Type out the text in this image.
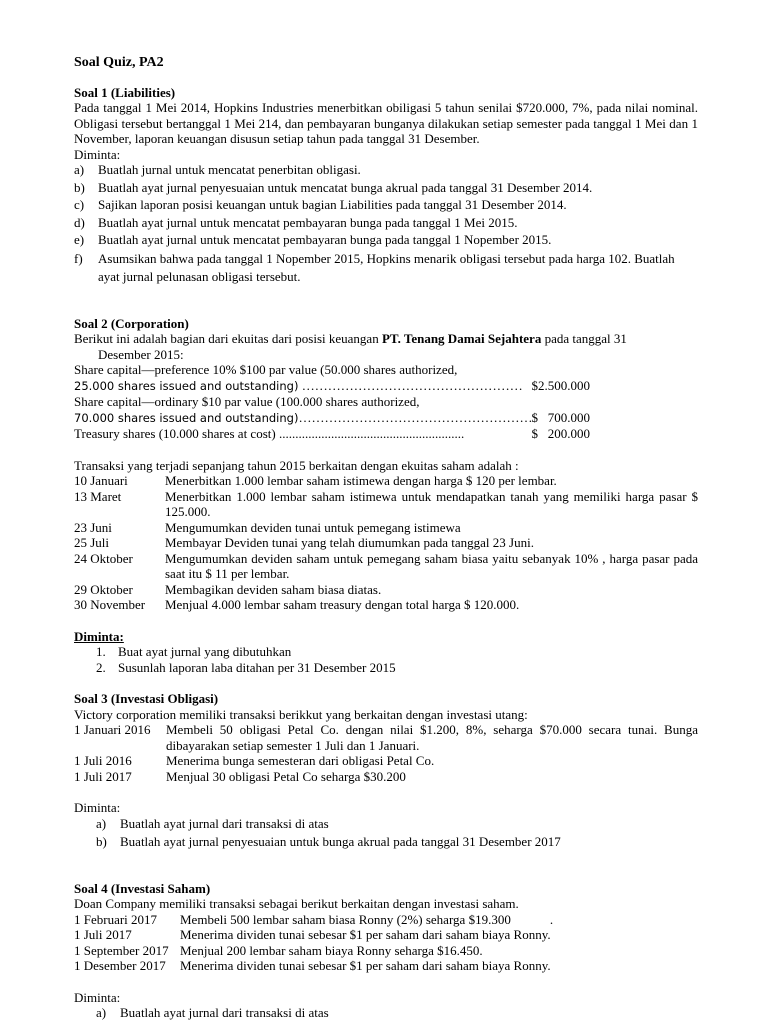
Soal Quiz, PA2
Soal 1 (Liabilities)
Pada tanggal 1 Mei 2014, Hopkins Industries menerbitkan obiligasi 5 tahun senilai $720.000, 7%, pada nilai nominal. Obligasi tersebut bertanggal 1 Mei 214, dan pembayaran bunganya dilakukan setiap semester pada tanggal 1 Mei dan 1 November, laporan keuangan disusun setiap tahun pada tanggal 31 Desember.
Diminta:
a)	Buatlah jurnal untuk mencatat penerbitan obligasi.
b)	Buatlah ayat jurnal penyesuaian untuk mencatat bunga akrual pada tanggal 31 Desember 2014.
c)	Sajikan laporan posisi keuangan untuk bagian Liabilities pada tanggal 31 Desember 2014.
d)	Buatlah ayat jurnal untuk mencatat pembayaran bunga pada tanggal 1 Mei 2015.
e)	Buatlah ayat jurnal untuk mencatat pembayaran bunga pada tanggal 1 Nopember 2015.
f)	Asumsikan bahwa pada tanggal 1 Nopember 2015, Hopkins menarik obligasi tersebut pada harga 102. Buatlah ayat jurnal pelunasan obligasi tersebut.
Soal 2 (Corporation)
Berikut ini adalah bagian dari ekuitas dari posisi keuangan PT. Tenang Damai Sejahtera pada tanggal 31
Desember 2015:
Share capital—preference 10% $100 par value (50.000 shares authorized,
25.000 shares issued and outstanding) …………………………………………… $2.500.000
Share capital—ordinary $10 par value (100.000 shares authorized,
70.000 shares issued and outstanding)……………………………………………… $   700.000
Treasury shares (10.000 shares at cost) .........................................................	$   200.000
Transaksi yang terjadi sepanjang tahun 2015 berkaitan dengan ekuitas saham adalah :
10 Januari	Menerbitkan 1.000 lembar saham istimewa dengan harga $ 120 per lembar.
13 Maret	Menerbitkan 1.000 lembar saham istimewa untuk mendapatkan tanah yang memiliki harga pasar $ 125.000.
23 Juni	Mengumumkan deviden tunai untuk pemegang istimewa
25 Juli	Membayar Deviden tunai yang telah diumumkan pada tanggal 23 Juni.
24 Oktober	Mengumumkan deviden saham untuk pemegang saham biasa yaitu sebanyak 10% , harga pasar pada saat itu $ 11 per lembar.
29 Oktober	Membagikan deviden saham biasa diatas.
30 November	Menjual 4.000 lembar saham treasury dengan total harga $ 120.000.
Diminta:
1. Buat ayat jurnal yang dibutuhkan
2. Susunlah laporan laba ditahan per 31 Desember 2015
Soal 3 (Investasi Obligasi)
Victory corporation memiliki transaksi berikkut yang berkaitan dengan investasi utang:
1 Januari 2016	Membeli 50 obligasi Petal Co. dengan nilai $1.200, 8%, seharga $70.000 secara tunai. Bunga dibayarakan setiap semester 1 Juli dan 1 Januari.
1 Juli 2016	Menerima bunga semesteran dari obligasi Petal Co.
1 Juli 2017	Menjual 30 obligasi Petal Co seharga $30.200
Diminta:
a)	Buatlah ayat jurnal dari transaksi di atas
b)	Buatlah ayat jurnal penyesuaian untuk bunga akrual pada tanggal 31 Desember 2017
Soal 4 (Investasi Saham)
Doan Company memiliki transaksi sebagai berikut berkaitan dengan investasi saham.
1 Februari 2017	Membeli 500 lembar saham biasa Ronny (2%) seharga $19.300            .
1 Juli 2017	Menerima dividen tunai sebesar $1 per saham dari saham biaya Ronny.
1 September 2017 Menjual 200 lembar saham biaya Ronny seharga $16.450.
1 Desember 2017	Menerima dividen tunai sebesar $1 per saham dari saham biaya Ronny.
Diminta:
a)	Buatlah ayat jurnal dari transaksi di atas
